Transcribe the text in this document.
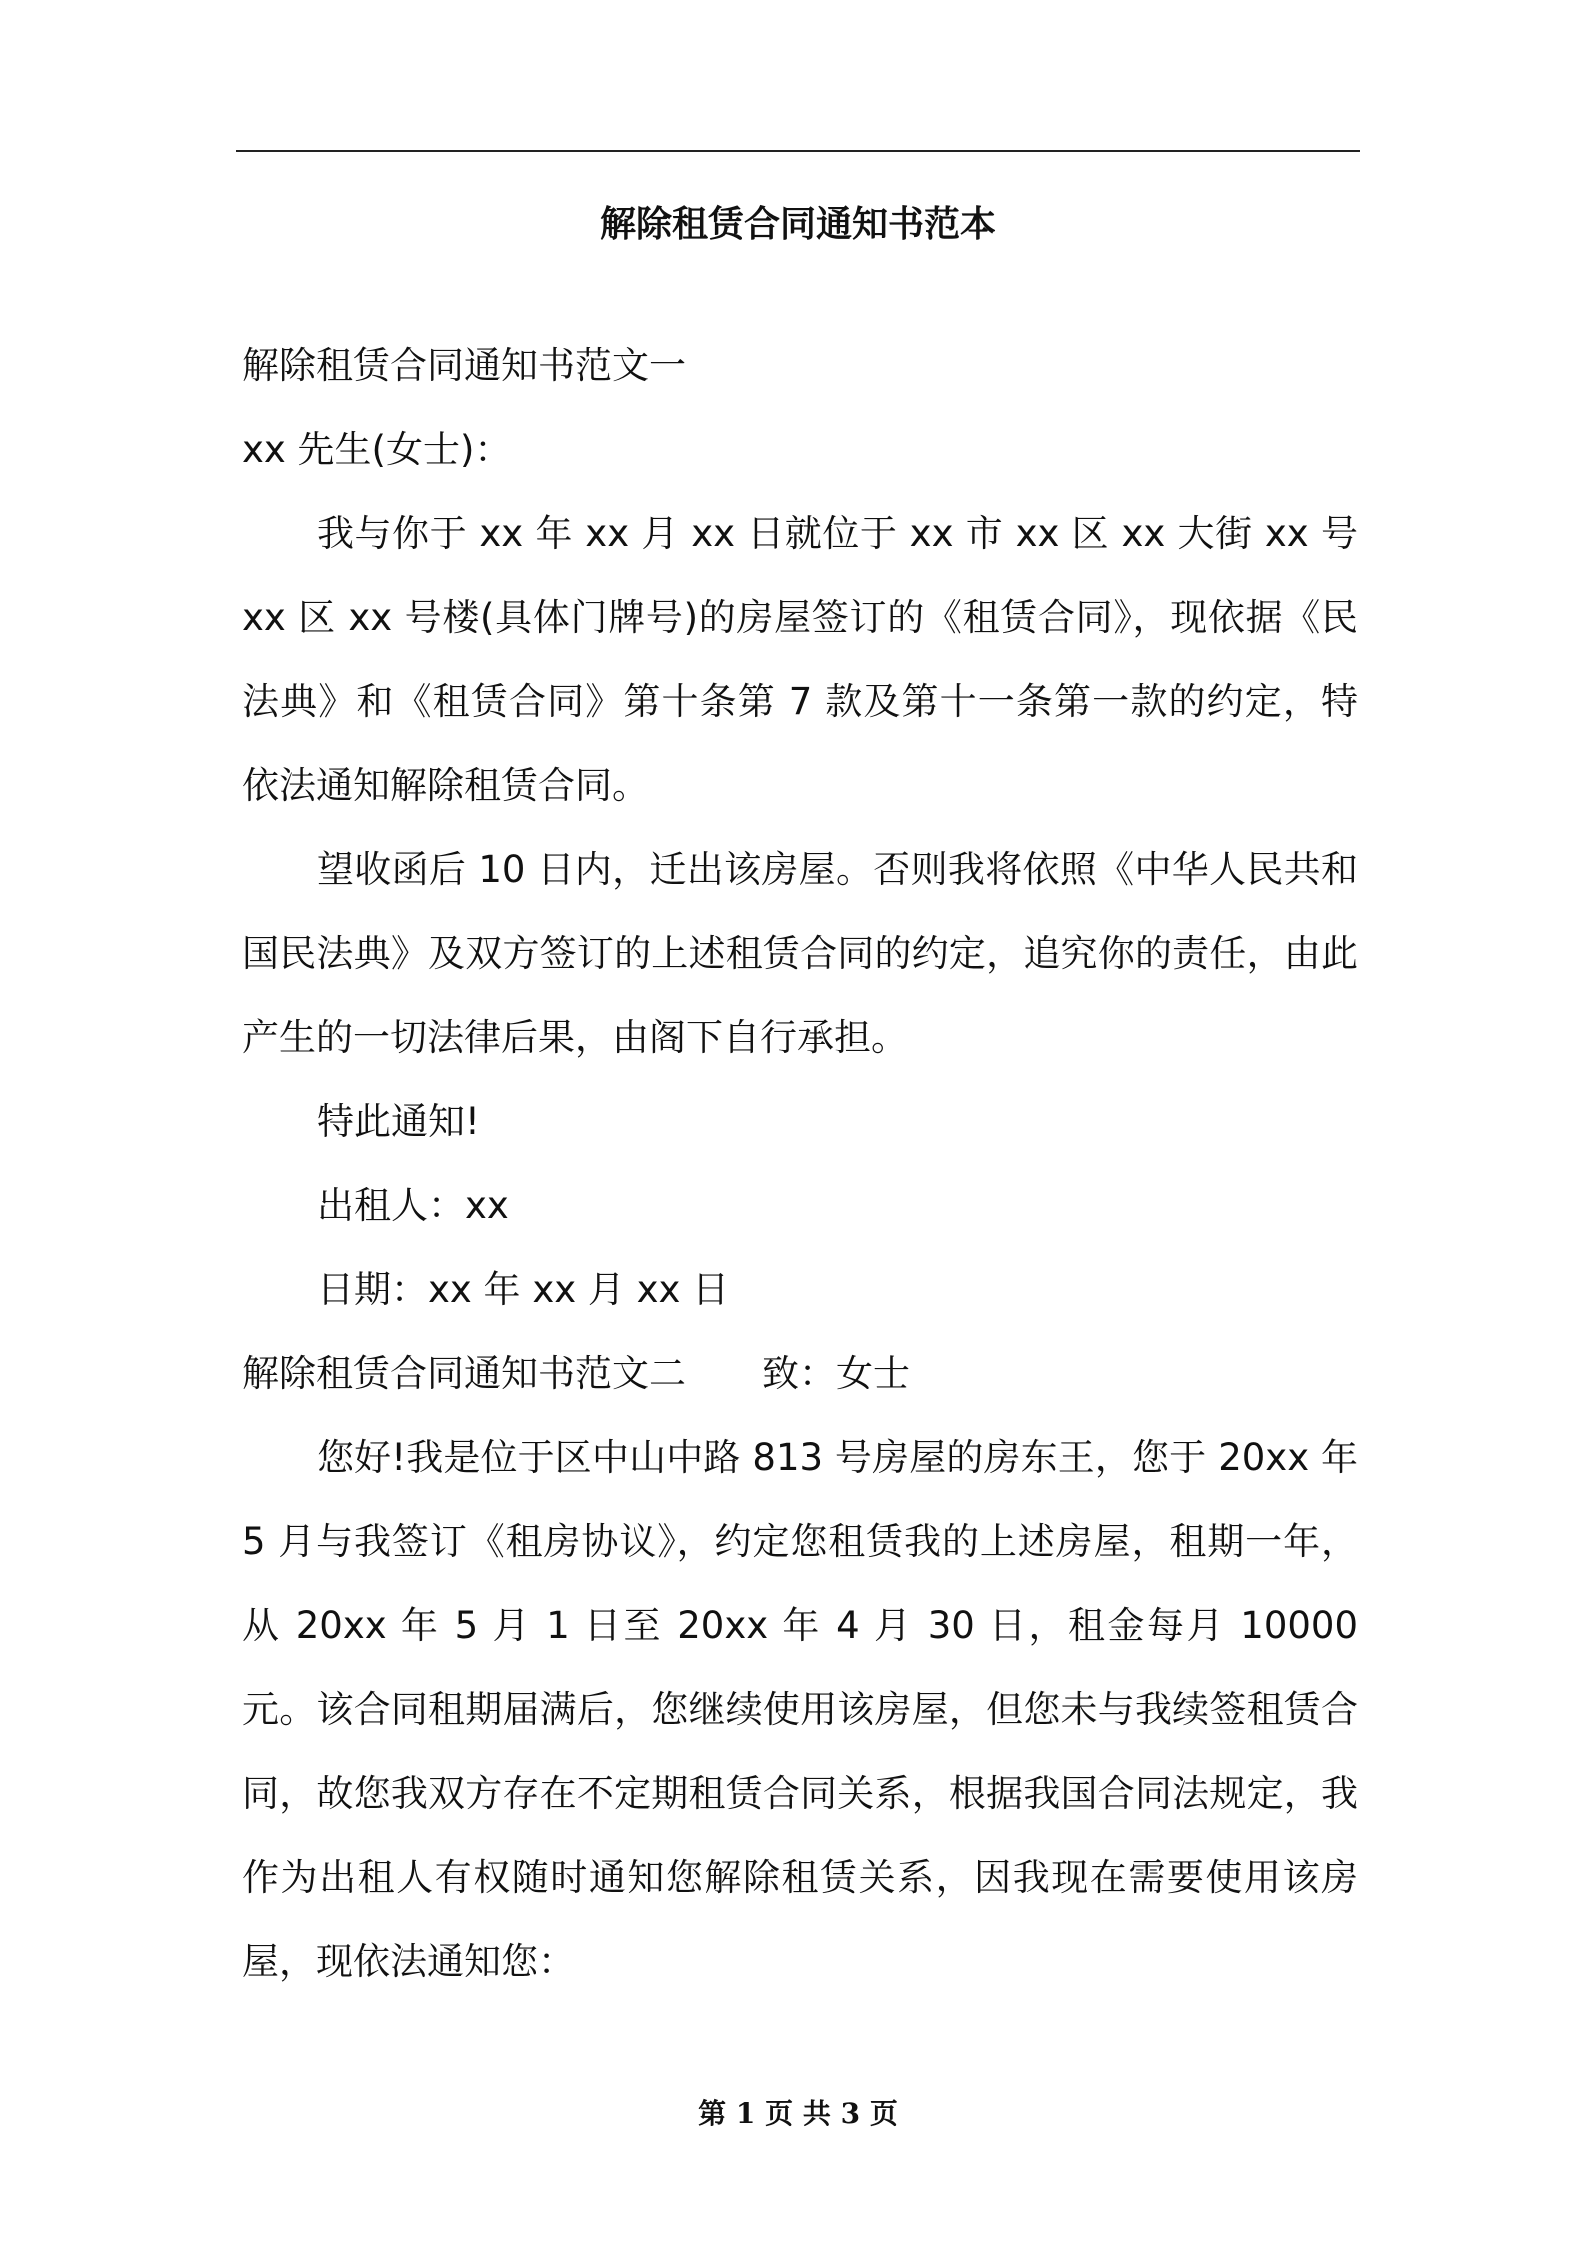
解除租赁合同通知书范本

解除租赁合同通知书范文一

xx 先生(女士)：

我与你于 xx 年 xx 月 xx 日就位于 xx 市 xx 区 xx 大街 xx 号 xx 区 xx 号楼(具体门牌号)的房屋签订的《租赁合同》，现依据《民法典》和《租赁合同》第十条第 7 款及第十一条第一款的约定，特依法通知解除租赁合同。

望收函后 10 日内，迁出该房屋。否则我将依照《中华人民共和国民法典》及双方签订的上述租赁合同的约定，追究你的责任，由此产生的一切法律后果，由阁下自行承担。

特此通知!

出租人：xx

日期：xx 年 xx 月 xx 日

解除租赁合同通知书范文二 致：女士

您好!我是位于区中山中路 813 号房屋的房东王，您于 20xx 年 5 月与我签订《租房协议》，约定您租赁我的上述房屋，租期一年， 从 20xx 年 5 月 1 日至 20xx 年 4 月 30 日，租金每月 10000 元。该合同租期届满后，您继续使用该房屋，但您未与我续签租赁合同，故您我双方存在不定期租赁合同关系，根据我国合同法规定，我作为出租人有权随时通知您解除租赁关系，因我现在需要使用该房屋，现依法通知您：

第 1 页 共 3 页
